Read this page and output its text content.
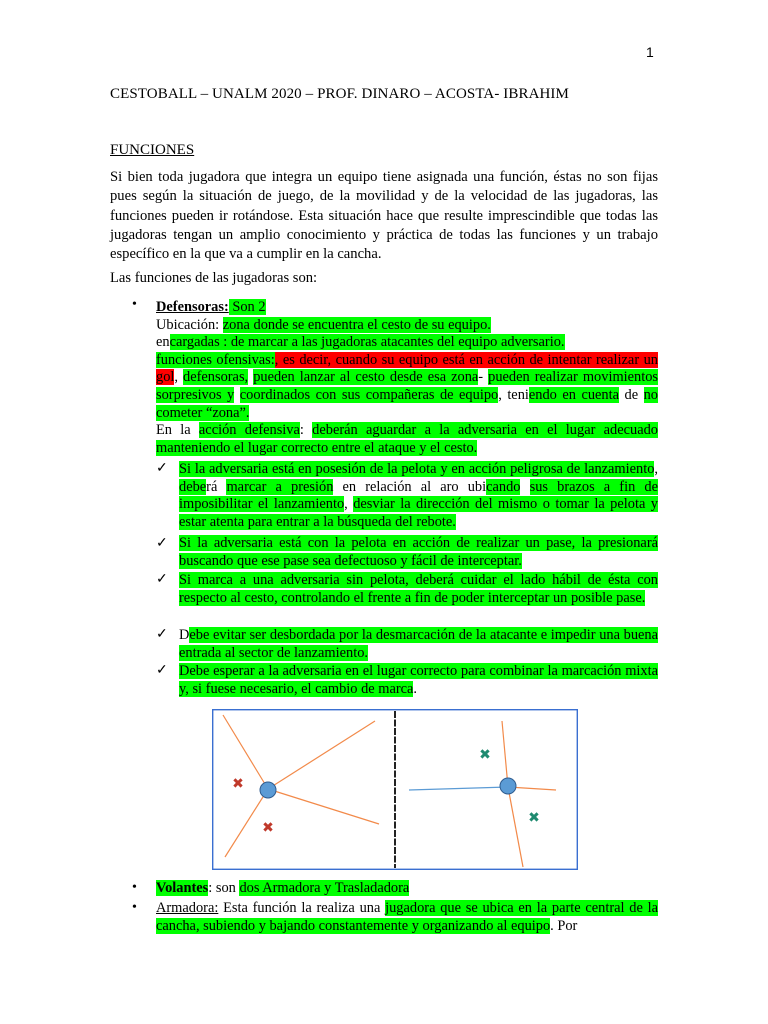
1
CESTOBALL – UNALM 2020 – PROF. DINARO – ACOSTA- IBRAHIM
FUNCIONES
Si bien toda jugadora que integra un equipo tiene asignada una función, éstas no son fijas pues según la situación de juego, de la movilidad y de la velocidad de las jugadoras, las funciones pueden ir rotándose. Esta situación hace que resulte imprescindible que todas las jugadoras tengan un amplio conocimiento y práctica de todas las funciones y un trabajo específico en la que va a cumplir en la cancha.
Las funciones de las jugadoras son:
• Defensoras: Son 2
Ubicación: zona donde se encuentra el cesto de su equipo.
encargadas : de marcar a las jugadoras atacantes del equipo adversario.
funciones ofensivas:, es decir, cuando su equipo está en acción de intentar realizar un gol, defensoras, pueden lanzar al cesto desde esa zona- pueden realizar movimientos sorpresivos y coordinados con sus compañeras de equipo, teniendo en cuenta de no cometer “zona”.
En la acción defensiva: deberán aguardar a la adversaria en el lugar adecuado manteniendo el lugar correcto entre el ataque y el cesto.
✓ Si la adversaria está en posesión de la pelota y en acción peligrosa de lanzamiento, deberá marcar a presión en relación al aro ubicando sus brazos a fin de imposibilitar el lanzamiento, desviar la dirección del mismo o tomar la pelota y estar atenta para entrar a la búsqueda del rebote.
✓ Si la adversaria está con la pelota en acción de realizar un pase, la presionará buscando que ese pase sea defectuoso y fácil de interceptar.
✓ Si marca a una adversaria sin pelota, deberá cuidar el lado hábil de ésta con respecto al cesto, controlando el frente a fin de poder interceptar un posible pase.
✓ Debe evitar ser desbordada por la desmarcación de la atacante e impedir una buena entrada al sector de lanzamiento.
✓ Debe esperar a la adversaria en el lugar correcto para combinar la marcación mixta y, si fuese necesario, el cambio de marca.
✖
✖
✖
✖
• Volantes: son dos Armadora y Trasladadora
• Armadora: Esta función la realiza una jugadora que se ubica en la parte central de la cancha, subiendo y bajando constantemente y organizando al equipo. Por
